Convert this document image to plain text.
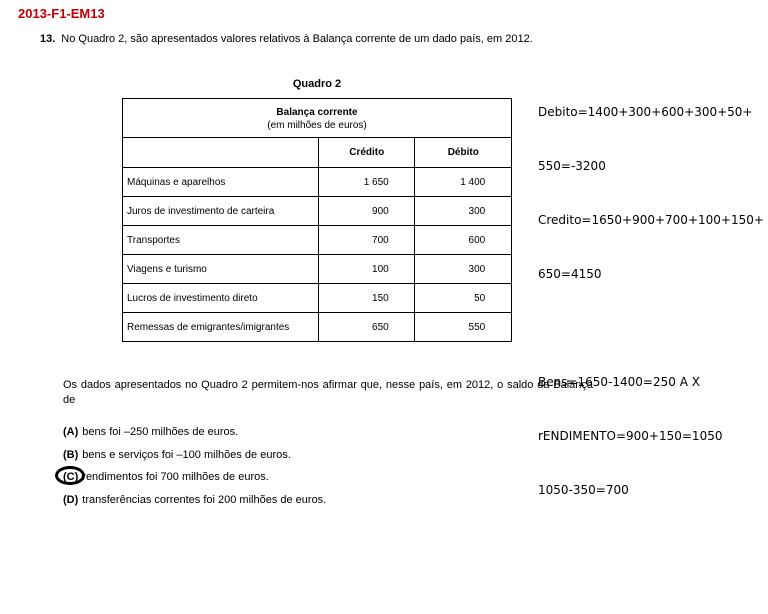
2013-F1-EM13
13. No Quadro 2, são apresentados valores relativos à Balança corrente de um dado país, em 2012.
Quadro 2
Balança corrente
(em milhões de euros)		

	Crédito	Débito
Máquinas e aparelhos	1 650	1 400
Juros de investimento de carteira	900	300
Transportes	700	600
Viagens e turismo	100	300
Lucros de investimento direto	150	50
Remessas de emigrantes/imigrantes	650	550

Debito=1400+300+600+300+50+

550=-3200

Credito=1650+900+700+100+150+

650=4150

Bens=1650-1400=250 A X

rENDIMENTO=900+150=1050

1050-350=700

Os dados apresentados no Quadro 2 permitem-nos afirmar que, nesse país, em 2012, o saldo da Balança de
(A) bens foi –250 milhões de euros.
(B) bens e serviços foi –100 milhões de euros.
(C) rendimentos foi 700 milhões de euros.
(D) transferências correntes foi 200 milhões de euros.
